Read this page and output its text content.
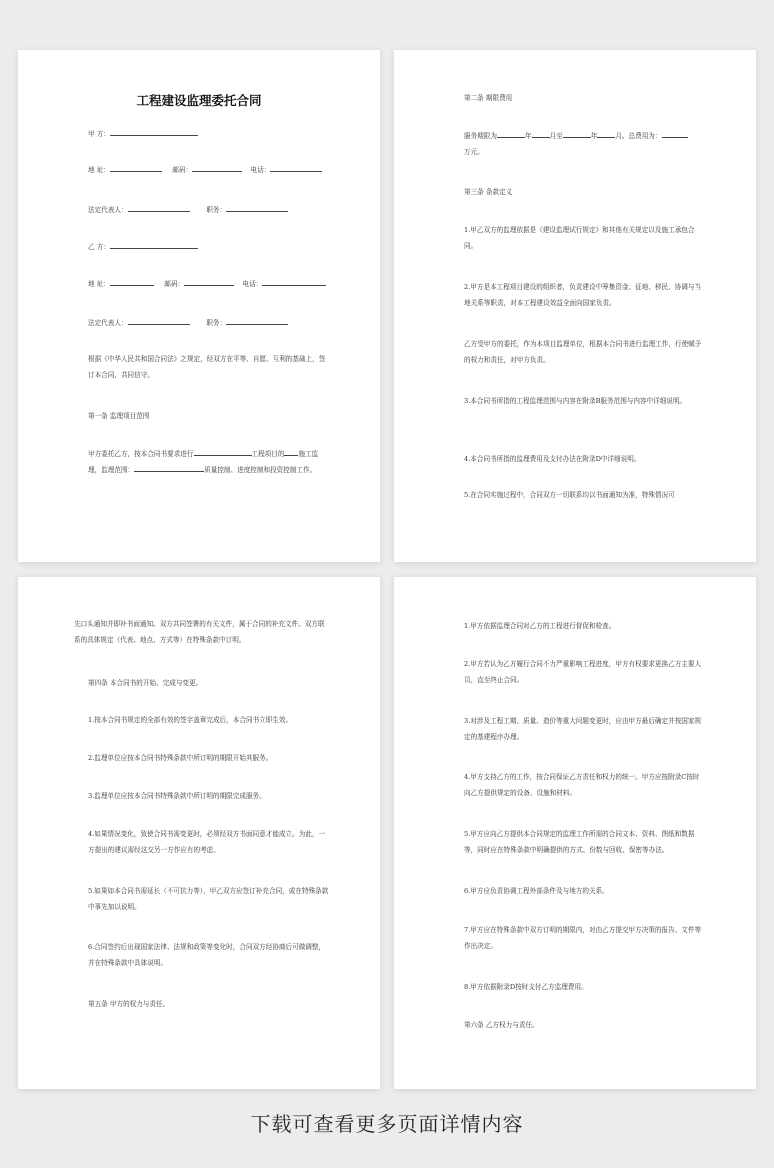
工程建设监理委托合同
甲 方：
地 址：	邮码：	电话：
法定代表人：	职务：
乙 方：
地 址：	邮码：	电话：
法定代表人：	职务：
根据《中华人民共和国合同法》之规定，经双方在平等、自愿、互利的基础上，签订本合同，共同信守。
第一条 监理项目范围
甲方委托乙方，按本合同书要求进行	工程项目的 施工监理，监理范围：	质量控制、进度控制和投资控制工作。
第二条 期限费用
服务期限为	年	月至	年	月。总费用为：
万元。
第三条 条款定义
1.甲乙双方的监理依据是《建设监理试行规定》和其他有关规定以及施工承包合同。
2.甲方是本工程项目建设的组织者，负责建设中筹集资金、征地、移民、协调与当地关系等职责，对本工程建设效益全面向国家负责。
乙方受甲方的委托，作为本项目监理单位，根据本合同书进行监理工作，行使赋予的权力和责任，对甲方负责。
3.本合同书所指的工程监理范围与内容在附录B服务范围与内容中详细说明。
4.本合同书所指的监理费用及支付办法在附录D中详细说明。
5.在合同实施过程中，合同双方一切联系均以书面通知为准，特殊情况可
先口头通知并即补书面通知。双方共同签署的有关文件，属于合同的补充文件。双方联系的具体规定（代表、地点、方式等）在特殊条款中订明。
第四条 本合同书的开始、完成与变更。
1.按本合同书规定的全部有效的签字盖章完成后，本合同书立即生效。
2.监理单位应按本合同书特殊条款中所订明的期限开始其服务。
3.监理单位应按本合同书特殊条款中所订明的期限完成服务。
4.如果情况变化，致使合同书需变更时，必须经双方书面同意才能成立。为此，一方提出的建议需经这交另一方作应有的考虑。
5.如果如本合同书需延长（不可抗力等），甲乙双方应签订补充合同，或在特殊条款中事先加以说明。
6.合同签约后出现国家法律、法规和政策等变化时，合同双方经协商后可做调整，并在特殊条款中具体说明。
第五条 甲方的权力与责任。
1.甲方依据监理合同对乙方的工程进行督促和检查。
2.甲方若认为乙方履行合同不力严重影响工程进度，甲方有权要求更换乙方主要人员，直至终止合同。
3.对涉及工程工期、质量、造价等重大问题变更时，应由甲方最后确定并按国家规定的基建程序办理。
4.甲方支持乙方的工作，按合同保证乙方责任和权力的统一。甲方应按附录C按时向乙方提供规定的设备、设施和材料。
5.甲方应向乙方提供本合同规定的监理工作所需的合同文本、资料、图纸和数据等，同时应在特殊条款中明确提供的方式、份数与回收、保密等办法。
6.甲方应负责协调工程外部条件及与地方的关系。
7.甲方应在特殊条款中双方订明的期限内，对由乙方提交甲方决策的报告、文件等作出决定。
8.甲方依据附录D按时支付乙方监理费用。
第六条 乙方权力与责任。
下载可查看更多页面详情内容
